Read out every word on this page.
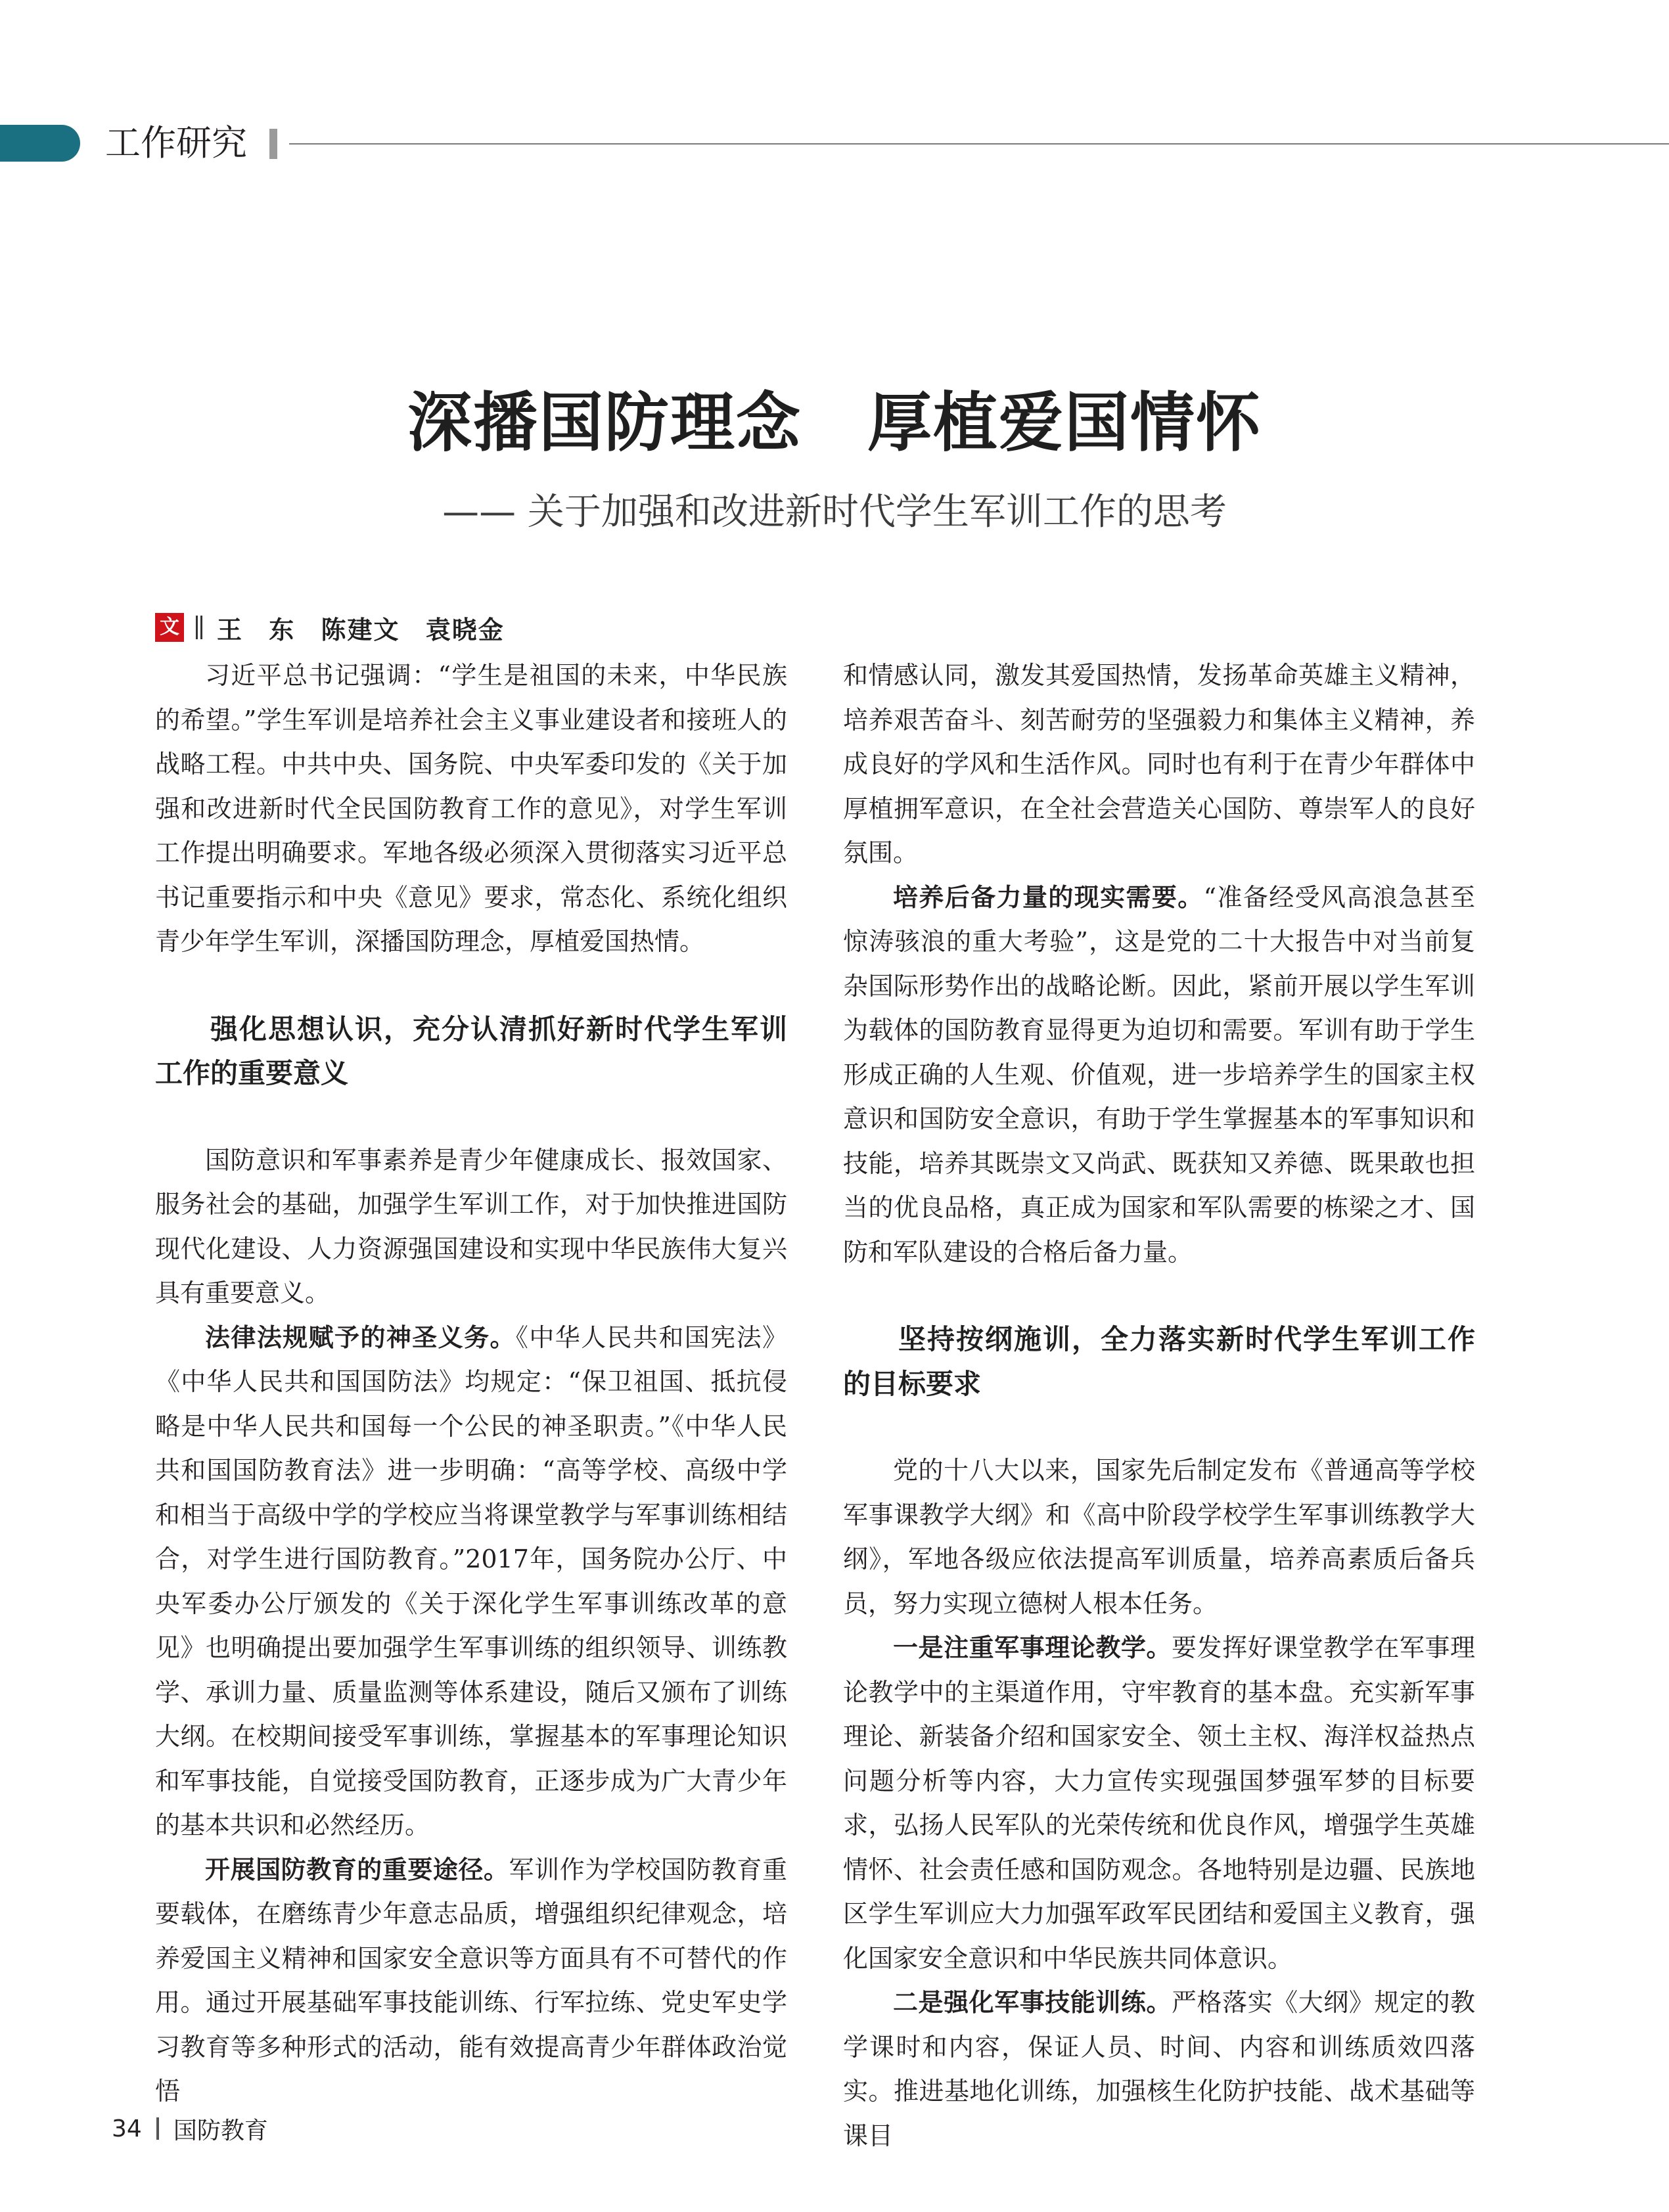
工作研究
深播国防理念 厚植爱国情怀
—— 关于加强和改进新时代学生军训工作的思考
文 王 东 陈建文 袁晓金

习近平总书记强调：“学生是祖国的未来，中华民族的希望。”学生军训是培养社会主义事业建设者和接班人的战略工程。中共中央、国务院、中央军委印发的《关于加强和改进新时代全民国防教育工作的意见》，对学生军训工作提出明确要求。军地各级必须深入贯彻落实习近平总书记重要指示和中央《意见》要求，常态化、系统化组织青少年学生军训，深播国防理念，厚植爱国热情。

强化思想认识，充分认清抓好新时代学生军训工作的重要意义

国防意识和军事素养是青少年健康成长、报效国家、服务社会的基础，加强学生军训工作，对于加快推进国防现代化建设、人力资源强国建设和实现中华民族伟大复兴具有重要意义。

法律法规赋予的神圣义务。《中华人民共和国宪法》《中华人民共和国国防法》均规定：“保卫祖国、抵抗侵略是中华人民共和国每一个公民的神圣职责。”《中华人民共和国国防教育法》进一步明确：“高等学校、高级中学和相当于高级中学的学校应当将课堂教学与军事训练相结合，对学生进行国防教育。”2017年，国务院办公厅、中央军委办公厅颁发的《关于深化学生军事训练改革的意见》也明确提出要加强学生军事训练的组织领导、训练教学、承训力量、质量监测等体系建设，随后又颁布了训练大纲。在校期间接受军事训练，掌握基本的军事理论知识和军事技能，自觉接受国防教育，正逐步成为广大青少年的基本共识和必然经历。

开展国防教育的重要途径。军训作为学校国防教育重要载体，在磨练青少年意志品质，增强组织纪律观念，培养爱国主义精神和国家安全意识等方面具有不可替代的作用。通过开展基础军事技能训练、行军拉练、党史军史学习教育等多种形式的活动，能有效提高青少年群体政治觉悟

和情感认同，激发其爱国热情，发扬革命英雄主义精神，培养艰苦奋斗、刻苦耐劳的坚强毅力和集体主义精神，养成良好的学风和生活作风。同时也有利于在青少年群体中厚植拥军意识，在全社会营造关心国防、尊崇军人的良好氛围。

培养后备力量的现实需要。“准备经受风高浪急甚至惊涛骇浪的重大考验”，这是党的二十大报告中对当前复杂国际形势作出的战略论断。因此，紧前开展以学生军训为载体的国防教育显得更为迫切和需要。军训有助于学生形成正确的人生观、价值观，进一步培养学生的国家主权意识和国防安全意识，有助于学生掌握基本的军事知识和技能，培养其既崇文又尚武、既获知又养德、既果敢也担当的优良品格，真正成为国家和军队需要的栋梁之才、国防和军队建设的合格后备力量。

坚持按纲施训，全力落实新时代学生军训工作的目标要求

党的十八大以来，国家先后制定发布《普通高等学校军事课教学大纲》和《高中阶段学校学生军事训练教学大纲》，军地各级应依法提高军训质量，培养高素质后备兵员，努力实现立德树人根本任务。

一是注重军事理论教学。要发挥好课堂教学在军事理论教学中的主渠道作用，守牢教育的基本盘。充实新军事理论、新装备介绍和国家安全、领土主权、海洋权益热点问题分析等内容，大力宣传实现强国梦强军梦的目标要求，弘扬人民军队的光荣传统和优良作风，增强学生英雄情怀、社会责任感和国防观念。各地特别是边疆、民族地区学生军训应大力加强军政军民团结和爱国主义教育，强化国家安全意识和中华民族共同体意识。

二是强化军事技能训练。严格落实《大纲》规定的教学课时和内容，保证人员、时间、内容和训练质效四落实。推进基地化训练，加强核生化防护技能、战术基础等课目

34 国防教育
